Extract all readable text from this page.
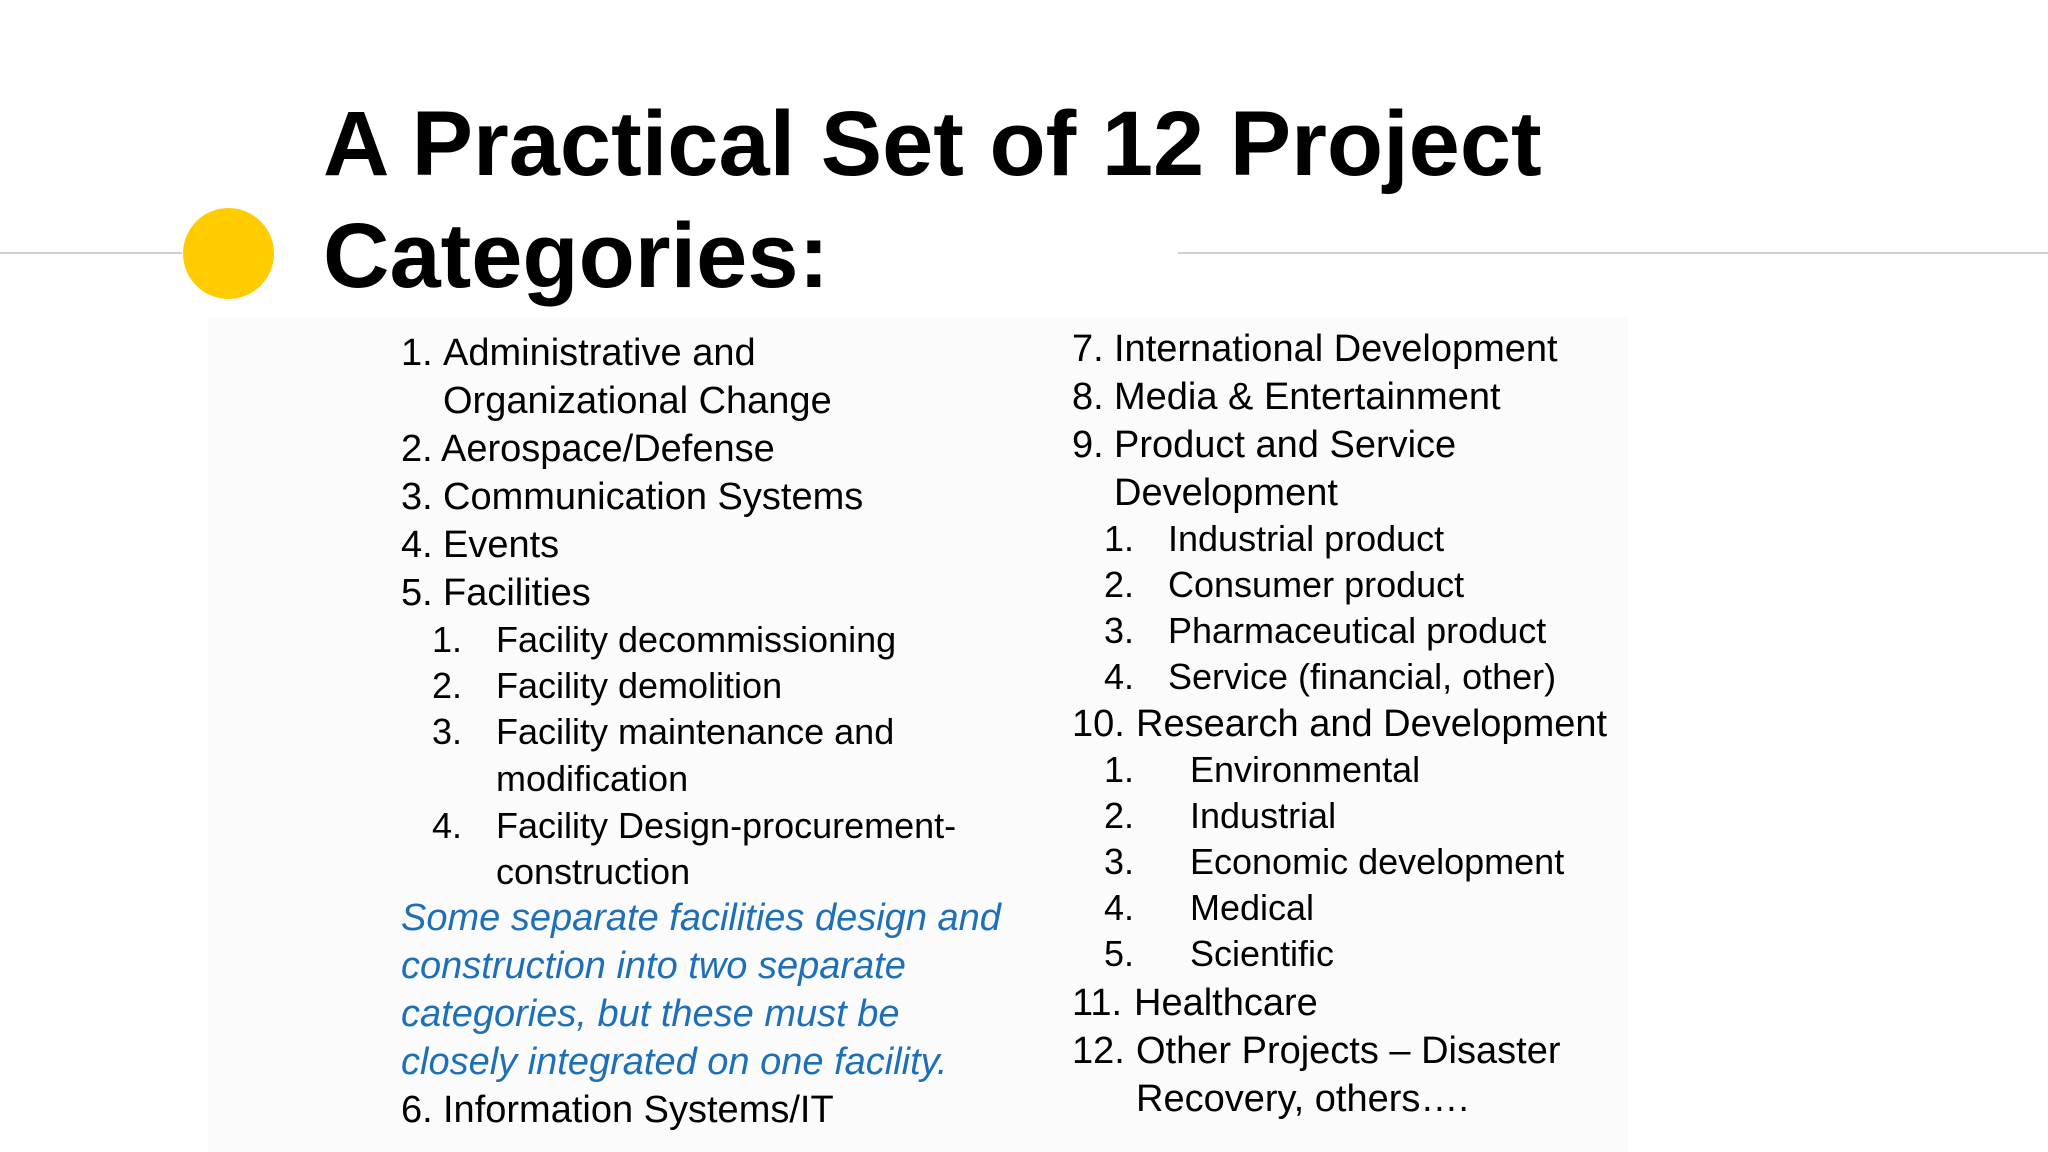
A Practical Set of 12 Project
Categories:
1. Administrative and
Organizational Change
2. Aerospace/Defense
3. Communication Systems
4. Events
5. Facilities
1. Facility decommissioning
2. Facility demolition
3. Facility maintenance and
modification
4. Facility Design-procurement-
construction
Some separate facilities design and
construction into two separate
categories, but these must be
closely integrated on one facility.
6. Information Systems/IT
7. International Development
8. Media & Entertainment
9. Product and Service
Development
1. Industrial product
2. Consumer product
3. Pharmaceutical product
4. Service (financial, other)
10. Research and Development
1. Environmental
2. Industrial
3. Economic development
4. Medical
5. Scientific
11. Healthcare
12. Other Projects – Disaster
Recovery, others….
